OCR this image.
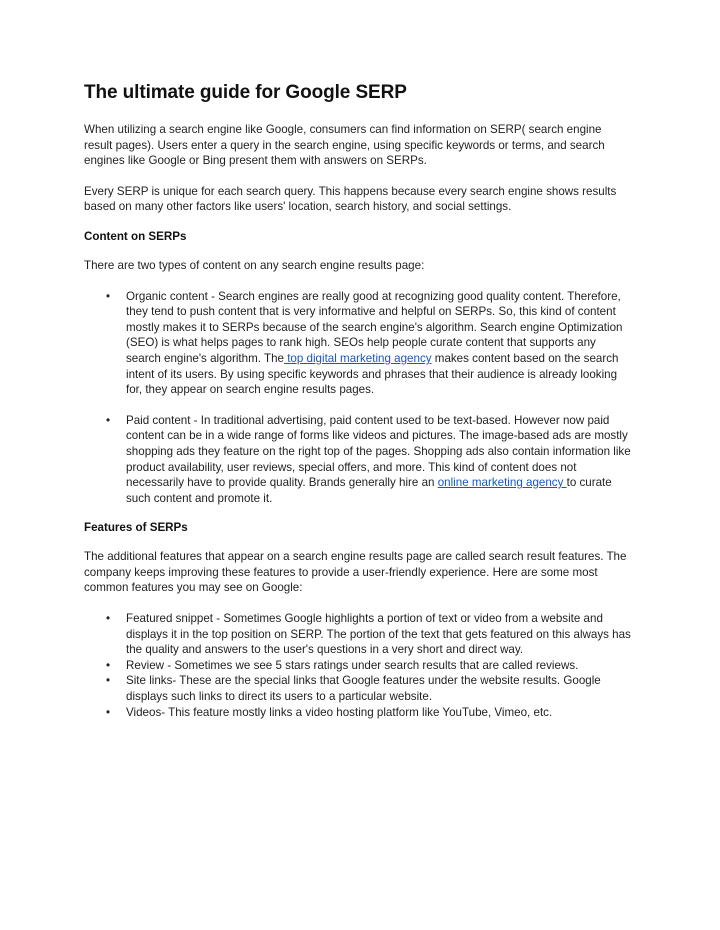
The ultimate guide for Google SERP

When utilizing a search engine like Google, consumers can find information on SERP( search engine result pages). Users enter a query in the search engine, using specific keywords or terms, and search engines like Google or Bing present them with answers on SERPs.

Every SERP is unique for each search query. This happens because every search engine shows results based on many other factors like users' location, search history, and social settings.

Content on SERPs

There are two types of content on any search engine results page:

• Organic content - Search engines are really good at recognizing good quality content. Therefore, they tend to push content that is very informative and helpful on SERPs. So, this kind of content mostly makes it to SERPs because of the search engine's algorithm. Search engine Optimization (SEO) is what helps pages to rank high. SEOs help people curate content that supports any search engine's algorithm. The top digital marketing agency makes content based on the search intent of its users. By using specific keywords and phrases that their audience is already looking for, they appear on search engine results pages.
• Paid content - In traditional advertising, paid content used to be text-based. However now paid content can be in a wide range of forms like videos and pictures. The image-based ads are mostly shopping ads they feature on the right top of the pages. Shopping ads also contain information like product availability, user reviews, special offers, and more. This kind of content does not necessarily have to provide quality. Brands generally hire an online marketing agency to curate such content and promote it.
Features of SERPs

The additional features that appear on a search engine results page are called search result features. The company keeps improving these features to provide a user-friendly experience. Here are some most common features you may see on Google:

• Featured snippet - Sometimes Google highlights a portion of text or video from a website and displays it in the top position on SERP. The portion of the text that gets featured on this always has the quality and answers to the user's questions in a very short and direct way.
• Review - Sometimes we see 5 stars ratings under search results that are called reviews.
• Site links- These are the special links that Google features under the website results. Google displays such links to direct its users to a particular website.
• Videos- This feature mostly links a video hosting platform like YouTube, Vimeo, etc.
